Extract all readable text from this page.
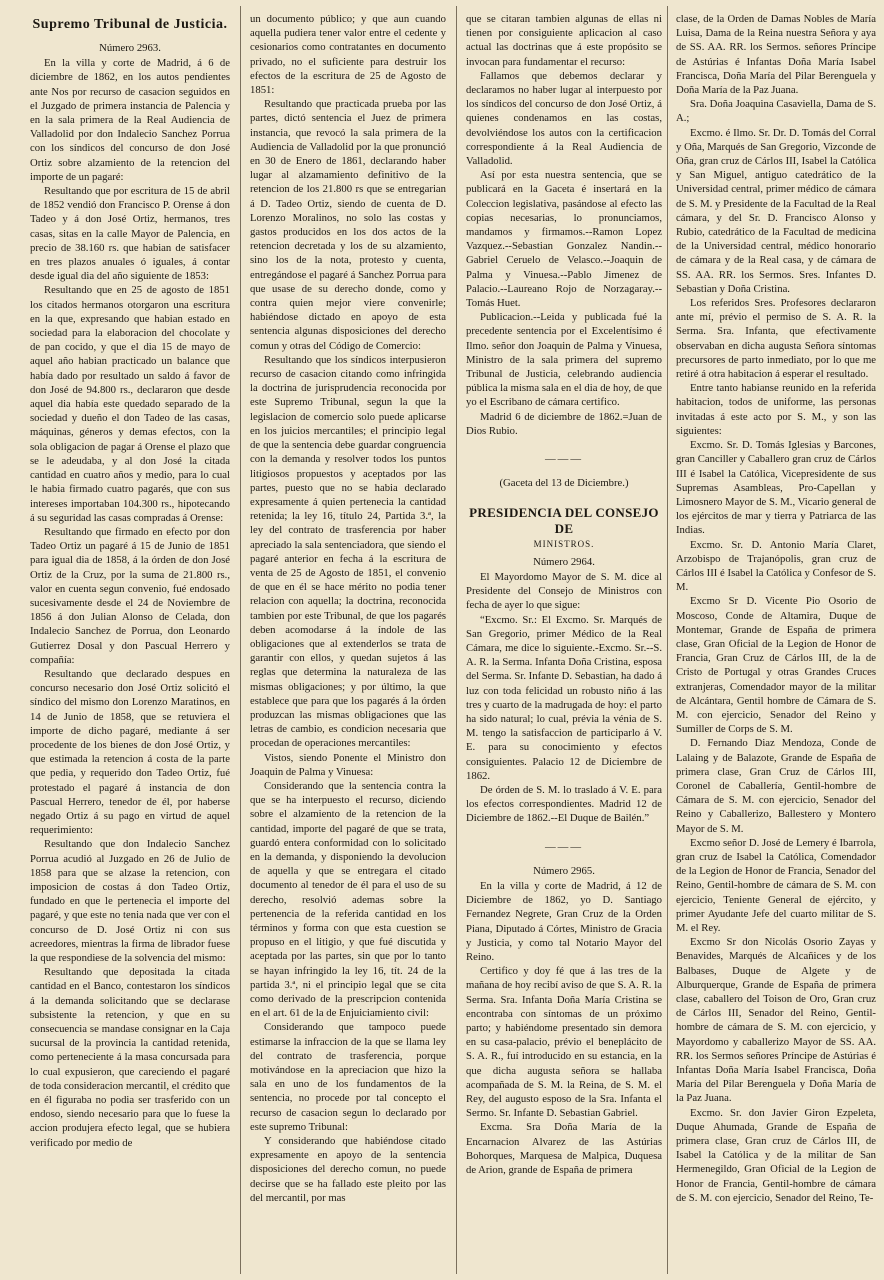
Supremo Tribunal de Justicia.
Número 2963.

En la villa y corte de Madrid, á 6 de diciembre de 1862, en los autos pendientes ante Nos por recurso de casacion seguidos en el Juzgado de primera instancia de Palencia y en la sala primera de la Real Audiencia de Valladolid por don Indalecio Sanchez Porrua con los síndicos del concurso de don José Ortiz sobre alzamiento de la retencion del importe de un pagaré:

Resultando que por escritura de 15 de abril de 1852 vendió don Francisco P. Orense á don Tadeo y á don José Ortiz, hermanos, tres casas, sitas en la calle Mayor de Palencia, en precio de 38.160 rs. que habian de satisfacer en tres plazos anuales ó iguales, á contar desde igual dia del año siguiente de 1853:

Resultando que en 25 de agosto de 1851 los citados hermanos otorgaron una escritura en la que, expresando que habian estado en sociedad para la elaboracion del chocolate y de pan cocido, y que el dia 15 de mayo de aquel año habian practicado un balance que había dado por resultado un saldo á favor de don José de 94.800 rs., declararon que desde aquel dia había este quedado separado de la sociedad y dueño el don Tadeo de las casas, máquinas, géneros y demas efectos, con la sola obligacion de pagar á Orense el plazo que se le adeudaba, y al don José la citada cantidad en cuatro años y medio, para lo cual le habia firmado cuatro pagarés, que con sus intereses importaban 104.300 rs., hipotecando á su seguridad las casas compradas á Orense:

Resultando que firmado en efecto por don Tadeo Ortiz un pagaré á 15 de Junio de 1851 para igual dia de 1858, á la órden de don José Ortiz de la Cruz, por la suma de 21.800 rs., valor en cuenta segun convenio, fué endosado sucesivamente desde el 24 de Noviembre de 1856 á don Julian Alonso de Celada, don Indalecio Sanchez de Porrua, don Leonardo Gutierrez Dosal y don Pascual Herrero y compañía:

Resultando que declarado despues en concurso necesario don José Ortiz solicitó el síndico del mismo don Lorenzo Maratinos, en 14 de Junio de 1858, que se retuviera el importe de dicho pagaré, mediante á ser procedente de los bienes de don José Ortiz, y que estimada la retencion á costa de la parte que pedia, y requerido don Tadeo Ortiz, fué protestado el pagaré á instancia de don Pascual Herrero, tenedor de él, por haberse negado Ortiz á su pago en virtud de aquel requerimiento:

Resultando que don Indalecio Sanchez Porrua acudió al Juzgado en 26 de Julio de 1858 para que se alzase la retencion, con imposicion de costas á don Tadeo Ortiz, fundado en que le pertenecia el importe del pagaré, y que este no tenia nada que ver con el concurso de D. José Ortiz ni con sus acreedores, mientras la firma de librador fuese la que respondiese de la solvencia del mismo:

Resultando que depositada la citada cantidad en el Banco, contestaron los síndicos á la demanda solicitando que se declarase subsistente la retencion, y que en su consecuencia se mandase consignar en la Caja sucursal de la provincia la cantidad retenida, como perteneciente á la masa concursada para lo cual expusieron, que careciendo el pagaré de toda consideracion mercantil, el crédito que en él figuraba no podia ser trasferido con un endoso, siendo necesario para que lo fuese la accion produjera efecto legal, que se hubiera verificado por medio de

un documento público; y que aun cuando aquella pudiera tener valor entre el cedente y cesionarios como contratantes en documento privado, no el suficiente para destruir los efectos de la escritura de 25 de Agosto de 1851:

Resultando que practicada prueba por las partes, dictó sentencia el Juez de primera instancia, que revocó la sala primera de la Audiencia de Valladolid por la que pronunció en 30 de Enero de 1861, declarando haber lugar al alzamamiento definitivo de la retencion de los 21.800 rs que se entregarian á D. Tadeo Ortiz, siendo de cuenta de D. Lorenzo Moralinos, no solo las costas y gastos producidos en los dos actos de la retencion decretada y los de su alzamiento, sino los de la nota, protesto y cuenta, entregándose el pagaré á Sanchez Porrua para que usase de su derecho donde, como y contra quien mejor viere convenirle; habiéndose dictado en apoyo de esta sentencia algunas disposiciones del derecho comun y otras del Código de Comercio:

Resultando que los síndicos interpusieron recurso de casacion citando como infringida la doctrina de jurisprudencia reconocida por este Supremo Tribunal, segun la que la legislacion de comercio solo puede aplicarse en los juicios mercantiles; el principio legal de que la sentencia debe guardar congruencia con la demanda y resolver todos los puntos litigiosos propuestos y aceptados por las partes, puesto que no se habia declarado expresamente á quien pertenecia la cantidad retenida; la ley 16, título 24, Partida 3.ª, la ley del contrato de trasferencia por haber apreciado la sala sentenciadora, que siendo el pagaré anterior en fecha á la escritura de venta de 25 de Agosto de 1851, el convenio de que en él se hace mérito no podia tener relacion con aquella; la doctrina, reconocida tambien por este Tribunal, de que los pagarés deben acomodarse á la índole de las obligaciones que al extenderlos se trata de garantir con ellos, y quedan sujetos á las reglas que determina la naturaleza de las mismas obligaciones; y por último, la que establece que para que los pagarés á la órden produzcan las mismas obligaciones que las letras de cambio, es condicion necesaria que procedan de operaciones mercantiles:

Vistos, siendo Ponente el Ministro don Joaquin de Palma y Vinuesa:

Considerando que la sentencia contra la que se ha interpuesto el recurso, diciendo sobre el alzamiento de la retencion de la cantidad, importe del pagaré de que se trata, guardó entera conformidad con lo solicitado en la demanda, y disponiendo la devolucion de aquella y que se entregara el citado documento al tenedor de él para el uso de su derecho, resolvió ademas sobre la pertenencia de la referida cantidad en los términos y forma con que esta cuestion se propuso en el litigio, y que fué discutida y aceptada por las partes, sin que por lo tanto se hayan infringido la ley 16, tít. 24 de la partida 3.ª, ni el principio legal que se cita como derivado de la prescripcion contenida en el art. 61 de la de Enjuiciamiento civil:

Considerando que tampoco puede estimarse la infraccion de la que se llama ley del contrato de trasferencia, porque motivándose en la apreciacion que hizo la sala en uno de los fundamentos de la sentencia, no procede por tal concepto el recurso de casacion segun lo declarado por este supremo Tribunal:

Y considerando que habiéndose citado expresamente en apoyo de la sentencia disposiciones del derecho comun, no puede decirse que se ha fallado este pleito por las del mercantil, por mas

que se citaran tambien algunas de ellas ni tienen por consiguiente aplicacion al caso actual las doctrinas que á este propósito se invocan para fundamentar el recurso:

Fallamos que debemos declarar y declaramos no haber lugar al interpuesto por los síndicos del concurso de don José Ortiz, á quienes condenamos en las costas, devolviéndose los autos con la certificacion correspondiente á la Real Audiencia de Valladolid.

Así por esta nuestra sentencia, que se publicará en la Gaceta é insertará en la Coleccion legislativa, pasándose al efecto las copias necesarias, lo pronunciamos, mandamos y firmamos.--Ramon Lopez Vazquez.--Sebastian Gonzalez Nandin.--Gabriel Ceruelo de Velasco.--Joaquin de Palma y Vinuesa.--Pablo Jimenez de Palacio.--Laureano Rojo de Norzagaray.--Tomás Huet.

Publicacion.--Leida y publicada fué la precedente sentencia por el Excelentísimo é Ilmo. señor don Joaquin de Palma y Vinuesa, Ministro de la sala primera del supremo Tribunal de Justicia, celebrando audiencia pública la misma sala en el dia de hoy, de que yo el Escribano de cámara certifico.

Madrid 6 de diciembre de 1862.=Juan de Dios Rubio.

———
(Gaceta del 13 de Diciembre.)
PRESIDENCIA DEL CONSEJO DE
MINISTROS.
Número 2964.

El Mayordomo Mayor de S. M. dice al Presidente del Consejo de Ministros con fecha de ayer lo que sigue:

“Excmo. Sr.: El Excmo. Sr. Marqués de San Gregorio, primer Médico de la Real Cámara, me dice lo siguiente.-Excmo. Sr.--S. A. R. la Serma. Infanta Doña Cristina, esposa del Serma. Sr. Infante D. Sebastian, ha dado á luz con toda felicidad un robusto niño á las tres y cuarto de la madrugada de hoy: el parto ha sido natural; lo cual, prévia la vénia de S. M. tengo la satisfaccion de participarlo á V. E. para su conocimiento y efectos consiguientes. Palacio 12 de Diciembre de 1862.

De órden de S. M. lo traslado á V. E. para los efectos correspondientes. Madrid 12 de Diciembre de 1862.--El Duque de Bailén.”

———
Número 2965.

En la villa y corte de Madrid, á 12 de Diciembre de 1862, yo D. Santiago Fernandez Negrete, Gran Cruz de la Orden Piana, Diputado á Córtes, Ministro de Gracia y Justicia, y como tal Notario Mayor del Reino.

Certifico y doy fé que á las tres de la mañana de hoy recibí aviso de que S. A. R. la Serma. Sra. Infanta Doña María Cristina se encontraba con síntomas de un próximo parto; y habiéndome presentado sin demora en su casa-palacio, prévio el beneplácito de S. A. R., fuí introducido en su estancia, en la que dicha augusta señora se hallaba acompañada de S. M. la Reina, de S. M. el Rey, del augusto esposo de la Sra. Infanta el Sermo. Sr. Infante D. Sebastian Gabriel.

Excma. Sra Doña María de la Encarnacion Alvarez de las Astúrias Bohorques, Marquesa de Malpica, Duquesa de Arion, grande de España de primera

clase, de la Orden de Damas Nobles de María Luisa, Dama de la Reina nuestra Señora y aya de SS. AA. RR. los Sermos. señores Príncipe de Astúrias é Infantas Doña María Isabel Francisca, Doña María del Pilar Berenguela y Doña María de la Paz Juana.

Sra. Doña Joaquina Casaviella, Dama de S. A.;

Excmo. é Ilmo. Sr. Dr. D. Tomás del Corral y Oña, Marqués de San Gregorio, Vizconde de Oña, gran cruz de Cárlos III, Isabel la Católica y San Miguel, antiguo catedrático de la Universidad central, primer médico de cámara de S. M. y Presidente de la Facultad de la Real cámara, y del Sr. D. Francisco Alonso y Rubio, catedrático de la Facultad de medicina de la Universidad central, médico honorario de cámara y de la Real casa, y de cámara de SS. AA. RR. los Sermos. Sres. Infantes D. Sebastian y Doña Cristina.

Los referidos Sres. Profesores declararon ante mí, prévio el permiso de S. A. R. la Serma. Sra. Infanta, que efectivamente observaban en dicha augusta Señora síntomas precursores de parto inmediato, por lo que me retiré á otra habitacion á esperar el resultado.

Entre tanto habianse reunido en la referida habitacion, todos de uniforme, las personas invitadas á este acto por S. M., y son las siguientes:

Excmo. Sr. D. Tomás Iglesias y Barcones, gran Canciller y Caballero gran cruz de Cárlos III é Isabel la Católica, Vicepresidente de sus Supremas Asambleas, Pro-Capellan y Limosnero Mayor de S. M., Vicario general de los ejércitos de mar y tierra y Patriarca de las Indias.

Excmo. Sr. D. Antonio María Claret, Arzobispo de Trajanópolis, gran cruz de Cárlos III é Isabel la Católica y Confesor de S. M.

Excmo Sr D. Vicente Pio Osorio de Moscoso, Conde de Altamira, Duque de Montemar, Grande de España de primera clase, Gran Oficial de la Legion de Honor de Francia, Gran Cruz de Cárlos III, de la de Cristo de Portugal y otras Grandes Cruces extranjeras, Comendador mayor de la militar de Alcántara, Gentil hombre de Cámara de S. M. con ejercicio, Senador del Reino y Sumiller de Corps de S. M.

D. Fernando Diaz Mendoza, Conde de Lalaing y de Balazote, Grande de España de primera clase, Gran Cruz de Cárlos III, Coronel de Caballería, Gentil-hombre de Cámara de S. M. con ejercicio, Senador del Reino y Caballerizo, Ballestero y Montero Mayor de S. M.

Excmo señor D. José de Lemery é Ibarrola, gran cruz de Isabel la Católica, Comendador de la Legion de Honor de Francia, Senador del Reino, Gentil-hombre de cámara de S. M. con ejercicio, Teniente General de ejército, y primer Ayudante Jefe del cuarto militar de S. M. el Rey.

Excmo Sr don Nicolás Osorio Zayas y Benavides, Marqués de Alcañices y de los Balbases, Duque de Algete y de Alburquerque, Grande de España de primera clase, caballero del Toison de Oro, Gran cruz de Cárlos III, Senador del Reino, Gentil-hombre de cámara de S. M. con ejercicio, y Mayordomo y caballerizo Mayor de SS. AA. RR. los Sermos señores Príncipe de Astúrias é Infantas Doña María Isabel Francisca, Doña María del Pilar Berenguela y Doña María de la Paz Juana.

Excmo. Sr. don Javier Giron Ezpeleta, Duque Ahumada, Grande de España de primera clase, Gran cruz de Cárlos III, de Isabel la Católica y de la militar de San Hermenegildo, Gran Oficial de la Legion de Honor de Francia, Gentil-hombre de cámara de S. M. con ejercicio, Senador del Reino, Te-
